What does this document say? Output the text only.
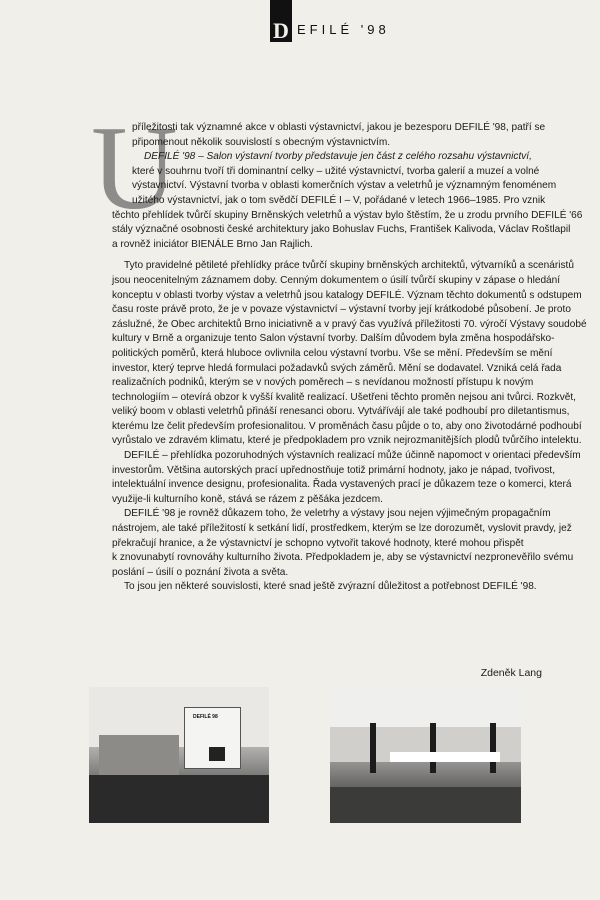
D EFILÉ '98
U

příležitosti tak významné akce v oblasti výstavnictví, jakou je bezesporu DEFILÉ '98, patří se
připomenout několik souvislostí s obecným výstavnictvím.

DEFILÉ '98 – Salon výstavní tvorby představuje jen část z celého rozsahu výstavnictví,
které v souhrnu tvoří tři dominantní celky – užité výstavnictví, tvorba galerií a muzeí a volné
výstavnictví. Výstavní tvorba v oblasti komerčních výstav a veletrhů je významným fenoménem
užitého výstavnictví, jak o tom svědčí DEFILÉ I – V, pořádané v letech 1966–1985. Pro vznik
těchto přehlídek tvůrčí skupiny Brněnských veletrhů a výstav bylo štěstím, že u zrodu prvního DEFILÉ '66
stály význačné osobnosti české architektury jako Bohuslav Fuchs, František Kalivoda, Václav Roštlapil
a rovněž iniciátor BIENÁLE Brno Jan Rajlich.

Tyto pravidelné pětileté přehlídky práce tvůrčí skupiny brněnských architektů, výtvarníků a scenáristů
jsou neocenitelným záznamem doby. Cenným dokumentem o úsilí tvůrčí skupiny v zápase o hledání
konceptu v oblasti tvorby výstav a veletrhů jsou katalogy DEFILÉ. Význam těchto dokumentů s odstupem
času roste právě proto, že je v povaze výstavnictví – výstavní tvorby její krátkodobé působení. Je proto
záslužné, že Obec architektů Brno iniciativně a v pravý čas využívá příležitosti 70. výročí Výstavy soudobé
kultury v Brně a organizuje tento Salon výstavní tvorby. Dalším důvodem byla změna hospodářsko-
politických poměrů, která hluboce ovlivnila celou výstavní tvorbu. Vše se mění. Především se mění
investor, který teprve hledá formulaci požadavků svých záměrů. Mění se dodavatel. Vzniká celá řada
realizačních podniků, kterým se v nových poměrech – s nevídanou možností přístupu k novým
technologiím – otevírá obzor k vyšší kvalitě realizací. Ušetřeni těchto proměn nejsou ani tvůrci. Rozkvět,
veliký boom v oblasti veletrhů přináší renesanci oboru. Vytvářívájí ale také podhoubí pro diletantismus,
kterému lze čelit především profesionalitou. V proměnách času půjde o to, aby ono životodárné podhoubí
vyrůstalo ve zdravém klimatu, které je předpokladem pro vznik nejrozmanitějších plodů tvůrčího intelektu.

DEFILÉ – přehlídka pozoruhodných výstavních realizací může účinně napomoct v orientaci především
investorům. Většina autorských prací upřednostňuje totiž primární hodnoty, jako je nápad, tvořivost,
intelektuální invence designu, profesionalita. Řada vystavených prací je důkazem teze o komerci, která
využije-li kulturního koně, stává se rázem z pěšáka jezdcem.

DEFILÉ '98 je rovněž důkazem toho, že veletrhy a výstavy jsou nejen výjimečným propagačním
nástrojem, ale také příležitostí k setkání lidí, prostředkem, kterým se lze dorozumět, vyslovit pravdy, jež
překračují hranice, a že výstavnictví je schopno vytvořit takové hodnoty, které mohou přispět
k znovunabytí rovnováhy kulturního života. Předpokladem je, aby se výstavnictví nezpronevěřilo svému
poslání – úsilí o poznání života a světa.

To jsou jen některé souvislosti, které snad ještě zvýrazní důležitost a potřebnost DEFILÉ '98.

Zdeněk Lang
DEFILÉ 98
